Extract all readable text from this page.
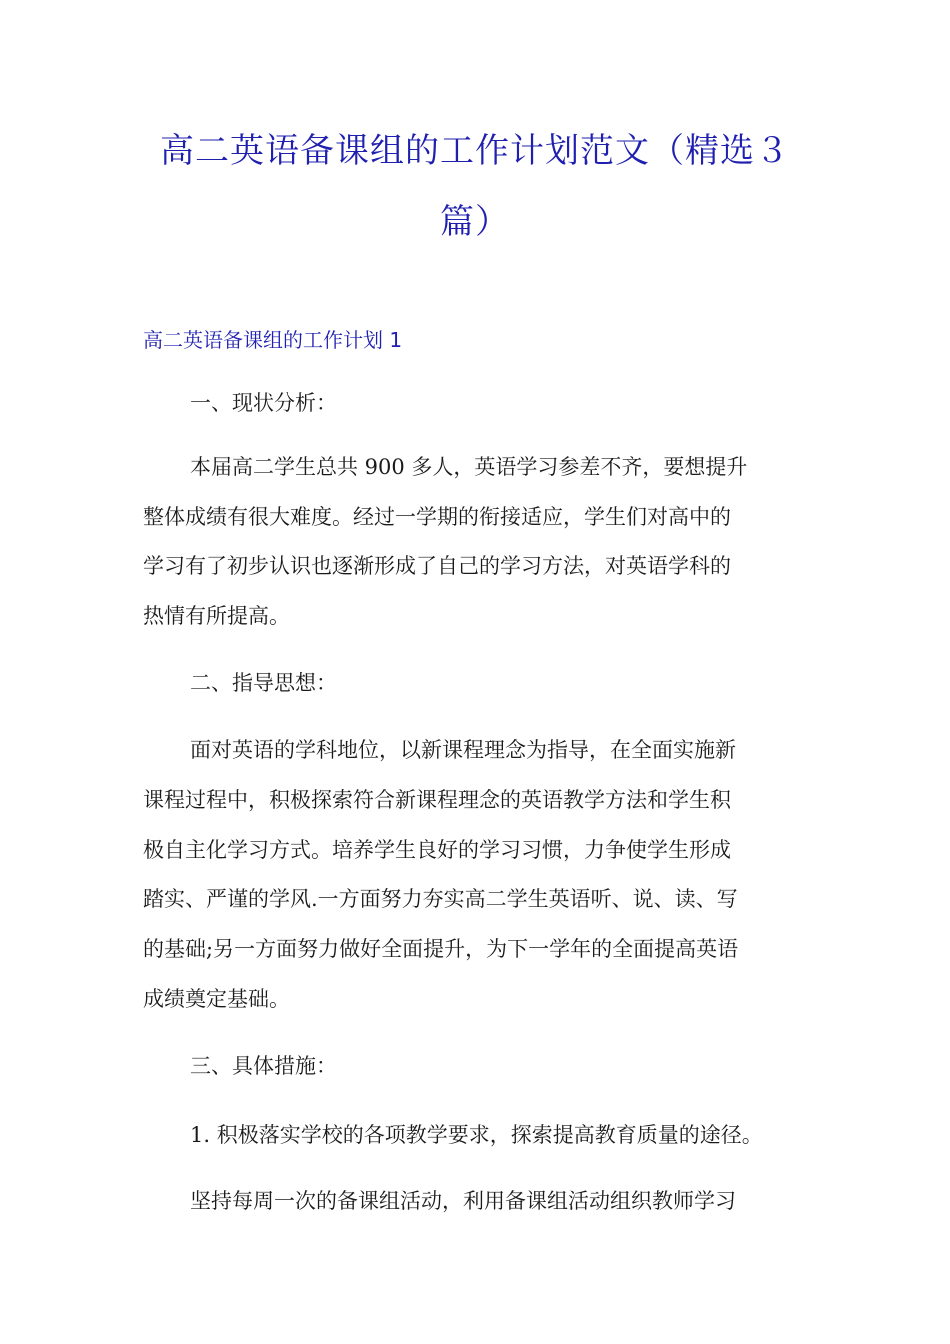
高二英语备课组的工作计划范文（精选３
篇）
高二英语备课组的工作计划 1
一、现状分析：
本届高二学生总共 900 多人，英语学习参差不齐，要想提升
整体成绩有很大难度。经过一学期的衔接适应，学生们对高中的
学习有了初步认识也逐渐形成了自己的学习方法，对英语学科的
热情有所提高。
二、指导思想：
面对英语的学科地位，以新课程理念为指导，在全面实施新
课程过程中，积极探索符合新课程理念的英语教学方法和学生积
极自主化学习方式。培养学生良好的学习习惯，力争使学生形成
踏实、严谨的学风.一方面努力夯实高二学生英语听、说、读、写
的基础;另一方面努力做好全面提升，为下一学年的全面提高英语
成绩奠定基础。
三、具体措施：
1. 积极落实学校的各项教学要求，探索提高教育质量的途径。
坚持每周一次的备课组活动，利用备课组活动组织教师学习
